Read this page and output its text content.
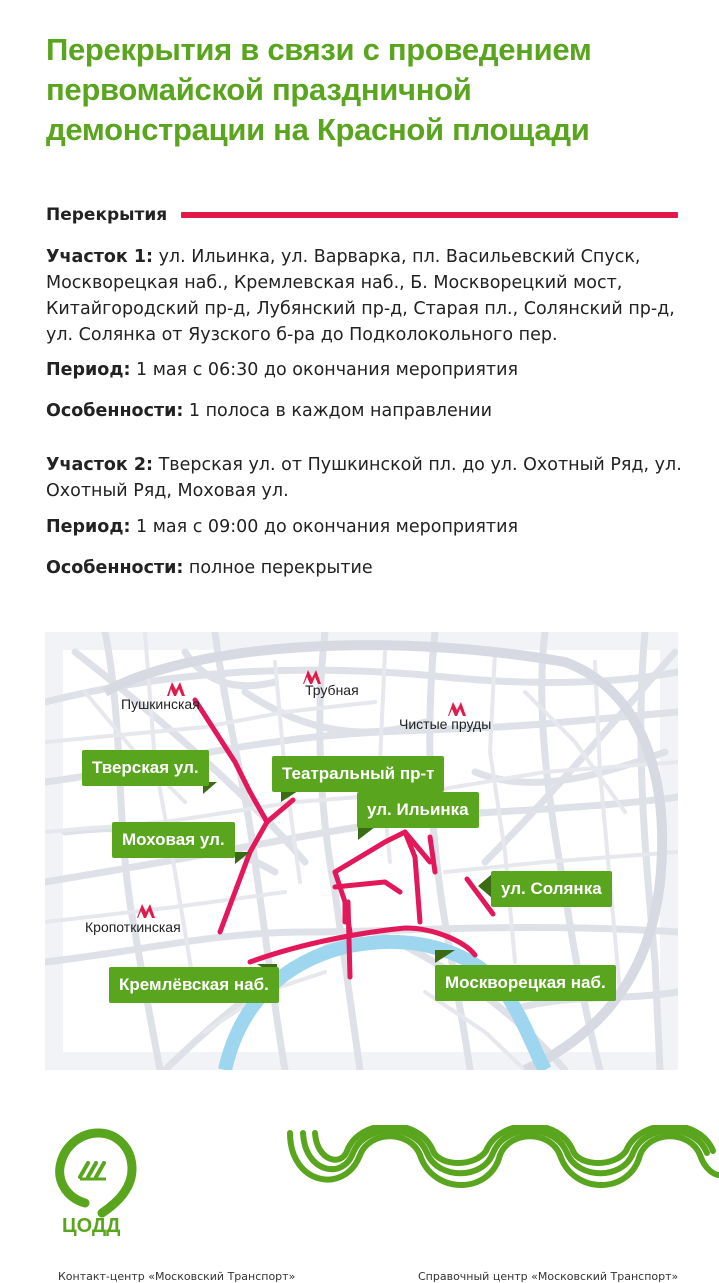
Перекрытия в связи с проведением первомайской праздничной демонстрации на Красной площади
Перекрытия

Участок 1: ул. Ильинка, ул. Варварка, пл. Васильевский Спуск, Москворецкая наб., Кремлевская наб., Б. Москворецкий мост, Китайгородский пр-д, Лубянский пр-д, Старая пл., Солянский пр-д, ул. Солянка от Яузского б-ра до Подколокольного пер.

Период: 1 мая с 06:30 до окончания мероприятия

Особенности: 1 полоса в каждом направлении

Участок 2: Тверская ул. от Пушкинской пл. до ул. Охотный Ряд, ул. Охотный Ряд, Моховая ул.

Период: 1 мая с 09:00 до окончания мероприятия

Особенности: полное перекрытие

Пушкинская
Трубная
Чистые пруды
Кропоткинская
Тверская ул.	Театральный пр-т
ул. Ильинка
Моховая ул.
ул. Солянка
Кремлёвская наб.	Москворецкая наб.
ЦОДД
Контакт-центр «Московский Транспорт»	Справочный центр «Московский Транспорт»
